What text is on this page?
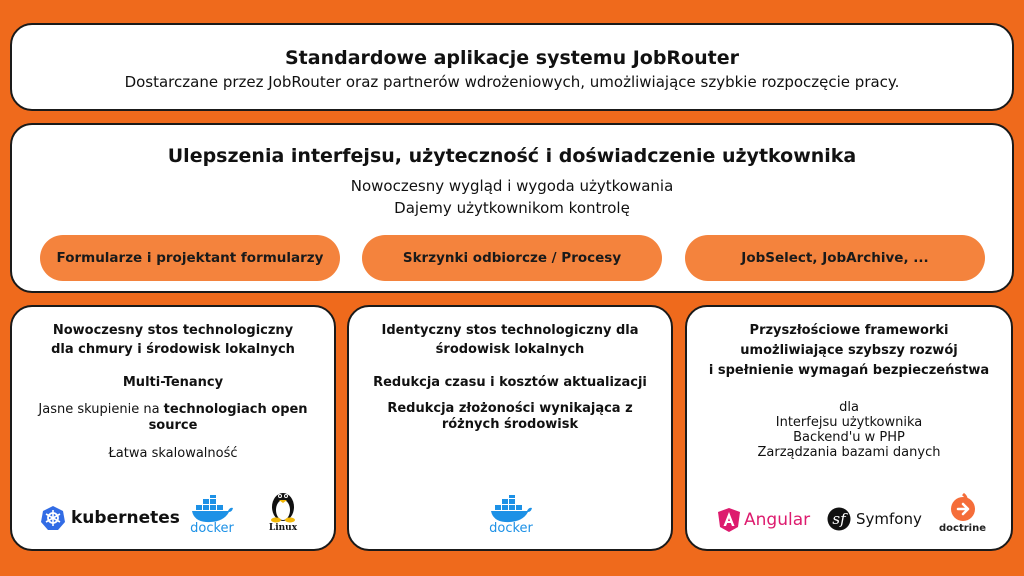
Standardowe aplikacje systemu JobRouter
Dostarczane przez JobRouter oraz partnerów wdrożeniowych, umożliwiające szybkie rozpoczęcie pracy.
Ulepszenia interfejsu, użyteczność i doświadczenie użytkownika
Nowoczesny wygląd i wygoda użytkowania
Dajemy użytkownikom kontrolę
Formularze i projektant formularzy	Skrzynki odbiorcze / Procesy	JobSelect, JobArchive, ...
Nowoczesny stos technologiczny
dla chmury i środowisk lokalnych
Multi-Tenancy
Jasne skupienie na technologiach open
source
Łatwa skalowalność
kubernetes
docker	Linux
Identyczny stos technologiczny dla
środowisk lokalnych
Redukcja czasu i kosztów aktualizacji
Redukcja złożoności wynikająca z
różnych środowisk
docker
Przyszłościowe frameworki
umożliwiające szybszy rozwój
i spełnienie wymagań bezpieczeństwa
dla
Interfejsu użytkownika
Backend'u w PHP
Zarządzania bazami danych
Angular sf Symfony
doctrine
